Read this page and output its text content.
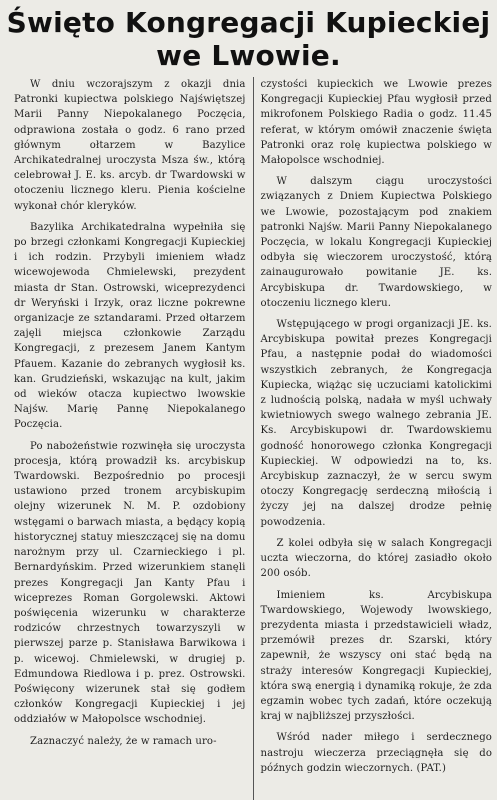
Święto Kongregacji Kupieckiej
we Lwowie.

W dniu wczorajszym z okazji dnia Patronki kupiectwa polskiego Najświętszej Marii Panny Niepokalanego Poczęcia, odprawiona została o godz. 6 rano przed głównym ołtarzem w Bazylice Archikatedralnej uroczysta Msza św., którą celebrował J. E. ks. arcyb. dr Twardowski w otoczeniu licznego kleru. Pienia kościelne wykonał chór kleryków.

Bazylika Archikatedralna wypełniła się po brzegi członkami Kongregacji Kupieckiej i ich rodzin. Przybyli imieniem władz wicewojewoda Chmielewski, prezydent miasta dr Stan. Ostrowski, wiceprezydenci dr Weryński i Irzyk, oraz liczne pokrewne organizacje ze sztandarami. Przed ołtarzem zajęli miejsca członkowie Zarządu Kongregacji, z prezesem Janem Kantym Pfauem. Kazanie do zebranych wygłosił ks. kan. Grudzieński, wskazując na kult, jakim od wieków otacza kupiectwo lwowskie Najśw. Marię Pannę Niepokalanego Poczęcia.

Po nabożeństwie rozwinęła się uroczysta procesja, którą prowadził ks. arcybiskup Twardowski. Bezpośrednio po procesji ustawiono przed tronem arcybiskupim olejny wizerunek N. M. P. ozdobiony wstęgami o barwach miasta, a będący kopią historycznej statuy mieszczącej się na domu narożnym przy ul. Czarnieckiego i pl. Bernardyńskim. Przed wizerunkiem stanęli prezes Kongregacji Jan Kanty Pfau i wiceprezes Roman Gorgolewski. Aktowi poświęcenia wizerunku w charakterze rodziców chrzestnych towarzyszyli w pierwszej parze p. Stanisława Barwikowa i p. wicewoj. Chmielewski, w drugiej p. Edmundowa Riedlowa i p. prez. Ostrowski. Poświęcony wizerunek stał się godłem członków Kongregacji Kupieckiej i jej oddziałów w Małopolsce wschodniej.

Zaznaczyć należy, że w ramach uro-

czystości kupieckich we Lwowie prezes Kongregacji Kupieckiej Pfau wygłosił przed mikrofonem Polskiego Radia o godz. 11.45 referat, w którym omówił znaczenie święta Patronki oraz rolę kupiectwa polskiego w Małopolsce wschodniej.

W dalszym ciągu uroczystości związanych z Dniem Kupiectwa Polskiego we Lwowie, pozostającym pod znakiem patronki Najśw. Marii Panny Niepokalanego Poczęcia, w lokalu Kongregacji Kupieckiej odbyła się wieczorem uroczystość, którą zainaugurowało powitanie JE. ks. Arcybiskupa dr. Twardowskiego, w otoczeniu licznego kleru.

Wstępującego w progi organizacji JE. ks. Arcybiskupa powitał prezes Kongregacji Pfau, a następnie podał do wiadomości wszystkich zebranych, że Kongregacja Kupiecka, wiążąc się uczuciami katolickimi z ludnością polską, nadała w myśl uchwały kwietniowych swego walnego zebrania JE. Ks. Arcybiskupowi dr. Twardowskiemu godność honorowego członka Kongregacji Kupieckiej. W odpowiedzi na to, ks. Arcybiskup zaznaczył, że w sercu swym otoczy Kongregację serdeczną miłością i życzy jej na dalszej drodze pełnię powodzenia.

Z kolei odbyła się w salach Kongregacji uczta wieczorna, do której zasiadło około 200 osób.

Imieniem ks. Arcybiskupa Twardowskiego, Wojewody lwowskiego, prezydenta miasta i przedstawicieli władz, przemówił prezes dr. Szarski, który zapewnił, że wszyscy oni stać będą na straży interesów Kongregacji Kupieckiej, która swą energią i dynamiką rokuje, że zda egzamin wobec tych zadań, które oczekują kraj w najbliższej przyszłości.

Wśród nader miłego i serdecznego nastroju wieczerza przeciągnęła się do późnych godzin wieczornych. (PAT.)
